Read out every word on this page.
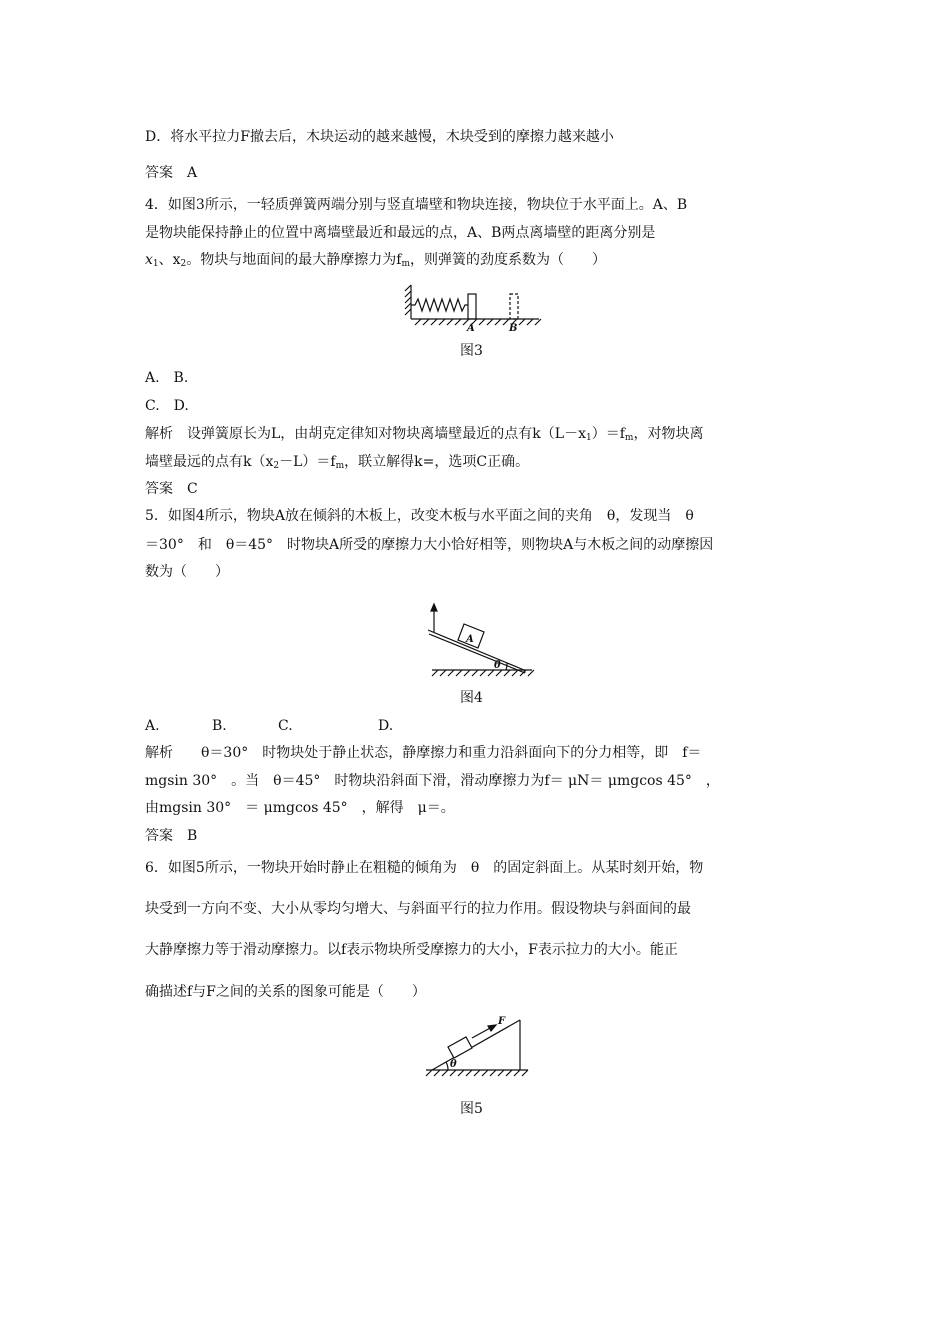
D．将水平拉力F撤去后，木块运动的越来越慢，木块受到的摩擦力越来越小
答案　A
4．如图3所示，一轻质弹簧两端分别与竖直墙壁和物块连接，物块位于水平面上。A、B
是物块能保持静止的位置中离墙壁最近和最远的点，A、B两点离墙壁的距离分别是
$x_1$、$x_2$。物块与地面间的最大静摩擦力为$f_m$，则弹簧的劲度系数为（　　）
A	B
图3
A.　B.
C.　D.
解析　设弹簧原长为L，由胡克定律知对物块离墙壁最近的点有$k(L-x_1)=f_m$，对物块离
墙壁最远的点有$k(x_2-L)=f_m$，联立解得k=，选项C正确。
答案　C
5．如图4所示，物块A放在倾斜的木板上，改变木板与水平面之间的夹角　θ，发现当　θ
＝30°　和　θ＝45°　时物块A所受的摩擦力大小恰好相等，则物块A与木板之间的动摩擦因
数为（　　）
A
θ
图4
A.	B.	C.	D.
解析　　θ＝30°　时物块处于静止状态，静摩擦力和重力沿斜面向下的分力相等，即　f＝
mgsin 30°　。当　θ＝45°　时物块沿斜面下滑，滑动摩擦力为f＝ μN＝ μmgcos 45°　，
由mgsin 30°　＝ μmgcos 45°　，解得　μ＝。
答案　B
6．如图5所示，一物块开始时静止在粗糙的倾角为　θ　的固定斜面上。从某时刻开始，物
块受到一方向不变、大小从零均匀增大、与斜面平行的拉力作用。假设物块与斜面间的最
大静摩擦力等于滑动摩擦力。以f表示物块所受摩擦力的大小，F表示拉力的大小。能正
确描述f与F之间的关系的图象可能是（　　）
F
θ
图5
